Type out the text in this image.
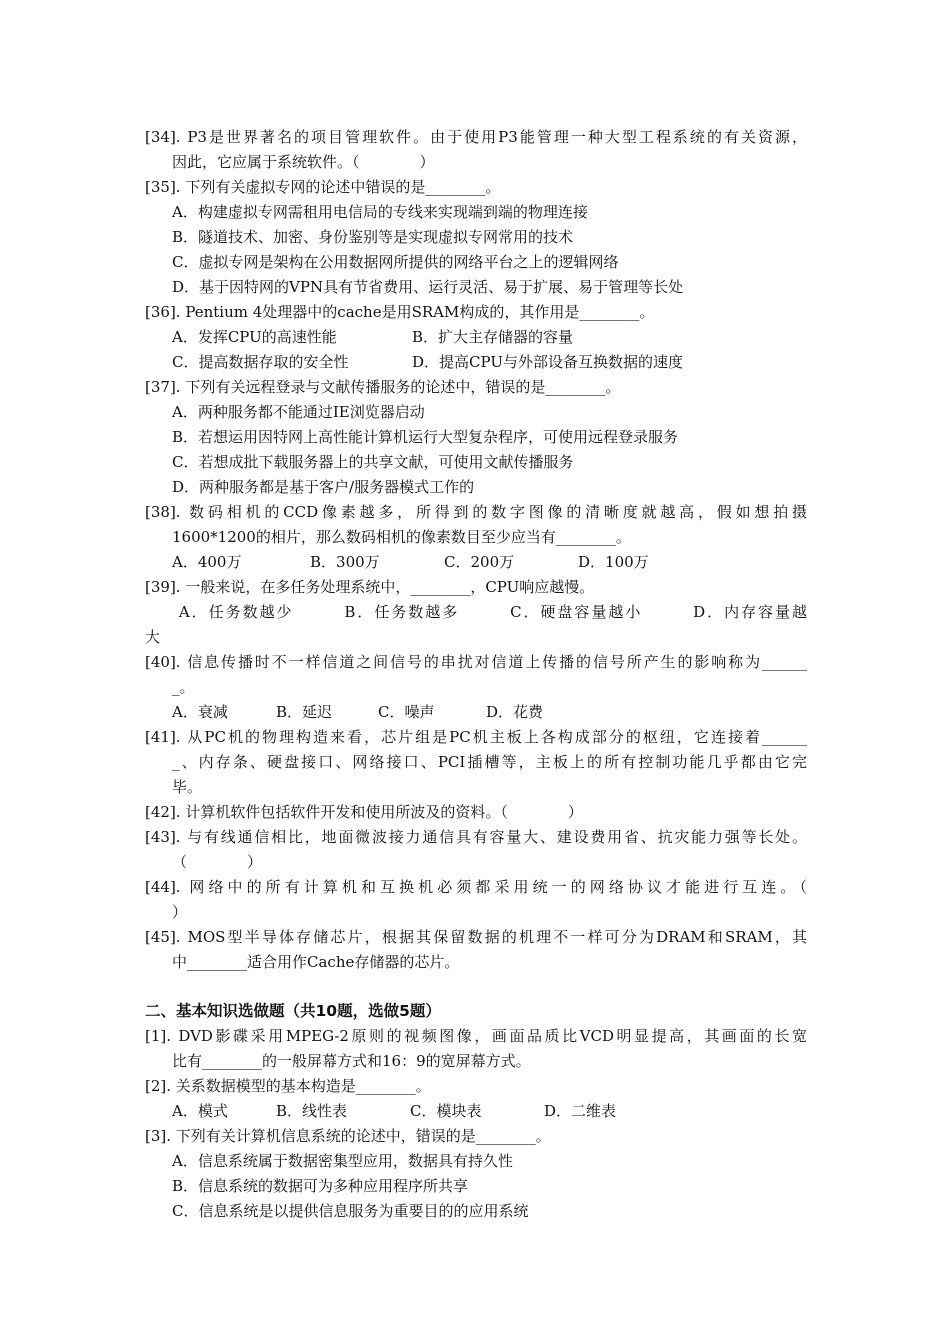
[34]. P3是世界著名的项目管理软件。由于使用P3能管理一种大型工程系统的有关资源，
因此，它应属于系统软件。（　　　　）
[35]. 下列有关虚拟专网的论述中错误的是________。
A．构建虚拟专网需租用电信局的专线来实现端到端的物理连接
B．隧道技术、加密、身份鉴别等是实现虚拟专网常用的技术
C．虚拟专网是架构在公用数据网所提供的网络平台之上的逻辑网络
D．基于因特网的VPN具有节省费用、运行灵活、易于扩展、易于管理等长处
[36]. Pentium 4处理器中的cache是用SRAM构成的，其作用是________。
A．发挥CPU的高速性能	B．扩大主存储器的容量
C．提高数据存取的安全性	D．提高CPU与外部设备互换数据的速度
[37]. 下列有关远程登录与文献传播服务的论述中，错误的是________。
A．两种服务都不能通过IE浏览器启动
B．若想运用因特网上高性能计算机运行大型复杂程序，可使用远程登录服务
C．若想成批下载服务器上的共享文献，可使用文献传播服务
D．两种服务都是基于客户/服务器模式工作的
[38]. 数码相机的CCD像素越多，所得到的数字图像的清晰度就越高，假如想拍摄
1600*1200的相片，那么数码相机的像素数目至少应当有________。
A．400万	B．300万	C．200万	D．100万
[39]. 一般来说，在多任务处理系统中，________，CPU响应越慢。
　　A．任务数越少　　　B．任务数越多　　　C．硬盘容量越小　　　D．内存容量越
大
[40]. 信息传播时不一样信道之间信号的串扰对信道上传播的信号所产生的影响称为______
_。
A．衰减	B．延迟	C．噪声	D．花费
[41]. 从PC机的物理构造来看，芯片组是PC机主板上各构成部分的枢纽，它连接着______
_、内存条、硬盘接口、网络接口、PCI插槽等，主板上的所有控制功能几乎都由它完
毕。
[42]. 计算机软件包括软件开发和使用所波及的资料。（　　　　）
[43]. 与有线通信相比，地面微波接力通信具有容量大、建设费用省、抗灾能力强等长处。
（　　　　）
[44]. 网络中的所有计算机和互换机必须都采用统一的网络协议才能进行互连。（
）
[45]. MOS型半导体存储芯片，根据其保留数据的机理不一样可分为DRAM和SRAM，其
中________适合用作Cache存储器的芯片。
二、基本知识选做题（共10题，选做5题）
[1]. DVD影碟采用MPEG-2原则的视频图像，画面品质比VCD明显提高，其画面的长宽
比有________的一般屏幕方式和16：9的宽屏幕方式。
[2]. 关系数据模型的基本构造是________。
A．模式	B．线性表	C．模块表	D．二维表
[3]. 下列有关计算机信息系统的论述中，错误的是________。
A．信息系统属于数据密集型应用，数据具有持久性
B．信息系统的数据可为多种应用程序所共享
C．信息系统是以提供信息服务为重要目的的应用系统
